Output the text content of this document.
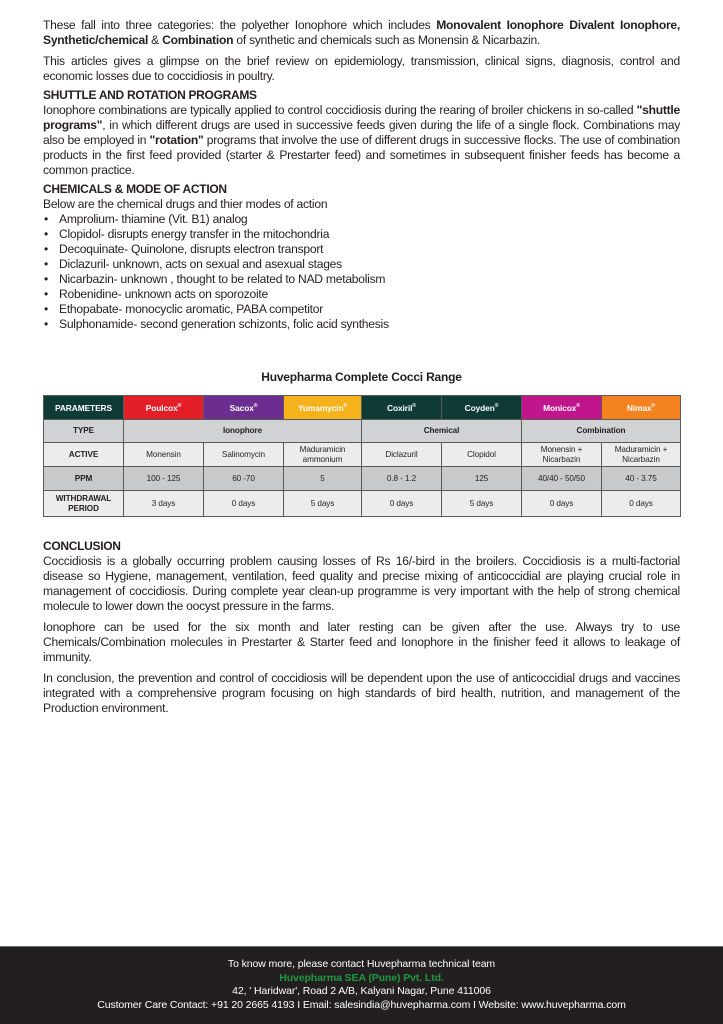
These fall into three categories: the polyether Ionophore which includes Monovalent Ionophore Divalent Ionophore, Synthetic/chemical & Combination of synthetic and chemicals such as Monensin & Nicarbazin.

This articles gives a glimpse on the brief review on epidemiology, transmission, clinical signs, diagnosis, control and economic losses due to coccidiosis in poultry.

SHUTTLE AND ROTATION PROGRAMS

Ionophore combinations are typically applied to control coccidiosis during the rearing of broiler chickens in so-called "shuttle programs", in which different drugs are used in successive feeds given during the life of a single flock. Combinations may also be employed in "rotation" programs that involve the use of different drugs in successive flocks. The use of combination products in the first feed provided (starter & Prestarter feed) and sometimes in subsequent finisher feeds has become a common practice.

CHEMICALS & MODE OF ACTION

Below are the chemical drugs and thier modes of action

• Amprolium- thiamine (Vit. B1) analog
• Clopidol- disrupts energy transfer in the mitochondria
• Decoquinate- Quinolone, disrupts electron transport
• Diclazuril- unknown, acts on sexual and asexual stages
• Nicarbazin- unknown , thought to be related to NAD metabolism
• Robenidine- unknown acts on sporozoite
• Ethopabate- monocyclic aromatic, PABA competitor
• Sulphonamide- second generation schizonts, folic acid synthesis
Huvepharma Complete Cocci Range
PARAMETERS	Poulcox®	Sacox®	Yumamycin®	Coxiril®	Coyden®	Monicox®	Nimax®
TYPE	Ionophore			Chemical		Combination	
ACTIVE	Monensin	Salinomycin	Maduramicin ammonium	Diclazuril	Clopidol	Monensin + Nicarbazin	Maduramicin + Nicarbazin
PPM	100 - 125	60 -70	5	0.8 - 1.2	125	40/40 - 50/50	40 - 3.75
WITHDRAWAL PERIOD	3 days	0 days	5 days	0 days	5 days	0 days	0 days
CONCLUSION

Coccidiosis is a globally occurring problem causing losses of Rs 16/-bird in the broilers. Coccidiosis is a multi-factorial disease so Hygiene, management, ventilation, feed quality and precise mixing of anticoccidial are playing crucial role in management of coccidiosis. During complete year clean-up programme is very important with the help of strong chemical molecule to lower down the oocyst pressure in the farms.

Ionophore can be used for the six month and later resting can be given after the use. Always try to use Chemicals/Combination molecules in Prestarter & Starter feed and Ionophore in the finisher feed it allows to leakage of immunity.

In conclusion, the prevention and control of coccidiosis will be dependent upon the use of anticoccidial drugs and vaccines integrated with a comprehensive program focusing on high standards of bird health, nutrition, and management of the Production environment.

To know more, please contact Huvepharma technical team
Huvepharma SEA (Pune) Pvt. Ltd.
42, ' Haridwar', Road 2 A/B, Kalyani Nagar, Pune 411006
Customer Care Contact: +91 20 2665 4193 I Email: salesindia@huvepharma.com I Website: www.huvepharma.com
